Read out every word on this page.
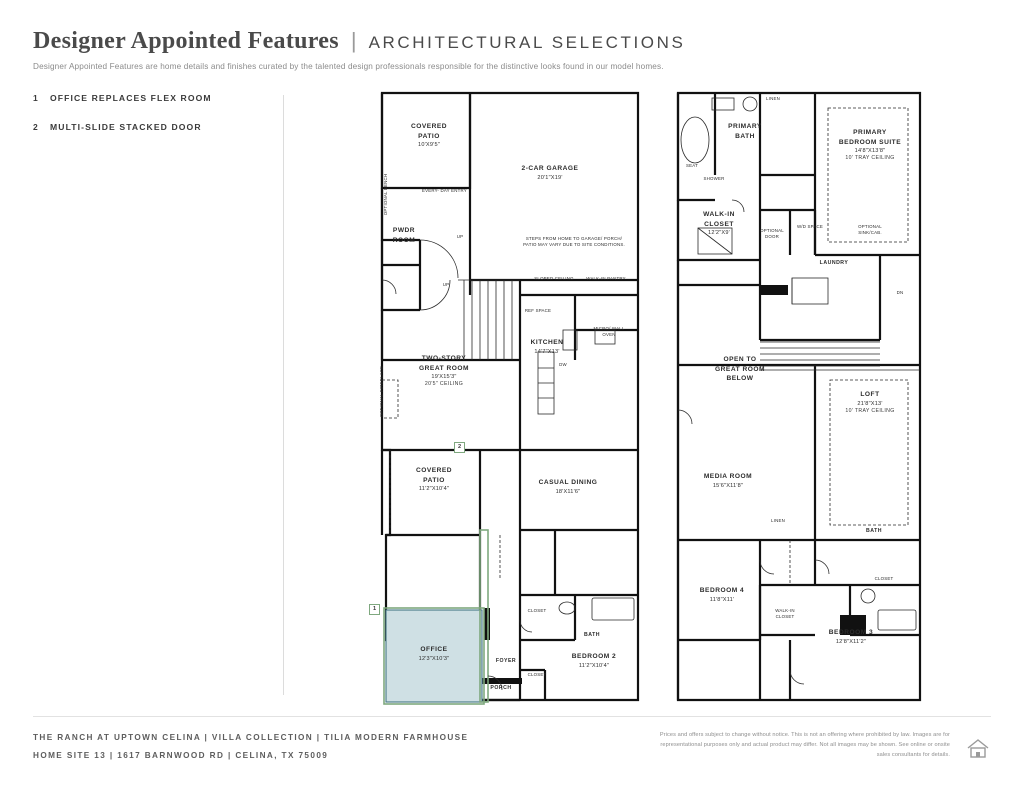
Designer Appointed Features | ARCHITECTURAL SELECTIONS
Designer Appointed Features are home details and finishes curated by the talented design professionals responsible for the distinctive looks found in our model homes.
1	OFFICE REPLACES FLEX ROOM
2	MULTI-SLIDE STACKED DOOR	COVERED
PATIO
10'X9'5"
2-CAR GARAGE
20'1"X19'
PWDR
ROOM
OPTIONAL BENCH	EVERY- DAY ENTRY
UP
UP
STEPS FROM HOME TO GARAGE/ PORCH/ PATIO MAY VARY DUE TO SITE CONDITIONS.
SLOPED CEILING	WALK-IN PANTRY
REF SPACE
MICRO/ WALL OVEN
DW
KITCHEN
14'7"X13'
TWO-STORY
GREAT ROOM
19'X15'3"
20'5" CEILING
OPTIONAL FIREPLACE
COVERED
PATIO
11'2"X10'4"
CASUAL DINING
18'X11'6"
OFFICE
12'3"X10'3"	FOYER
BATH
CLOSET
CLOSET
BEDROOM 2
11'2"X10'4"
PORCH
LINEN
PRIMARY
BATH
PRIMARY
BEDROOM SUITE
14'8"X13'8"
10' TRAY CEILING
SEAT
SHOWER
WALK-IN
CLOSET
12'2"X9'	OPTIONAL DOOR
W/D SPACE	OPTIONAL SINK/CAB.
LAUNDRY
DN
OPEN TO
GREAT ROOM
BELOW
LOFT
21'8"X13'
10' TRAY CEILING
MEDIA ROOM
15'6"X11'8"
LINEN
BATH
CLOSET
BEDROOM 4
11'8"X11'
WALK-IN
CLOSET
BEDROOM 3
12'8"X11'2"
1
2
THE RANCH AT UPTOWN CELINA | VILLA COLLECTION | TILIA MODERN FARMHOUSE
HOME SITE 13 | 1617 BARNWOOD RD | CELINA, TX 75009
Prices and offers subject to change without notice. This is not an offering where prohibited by law. Images are for representational purposes only and actual product may differ. Not all images may be shown. See online or onsite sales consultants for details.
